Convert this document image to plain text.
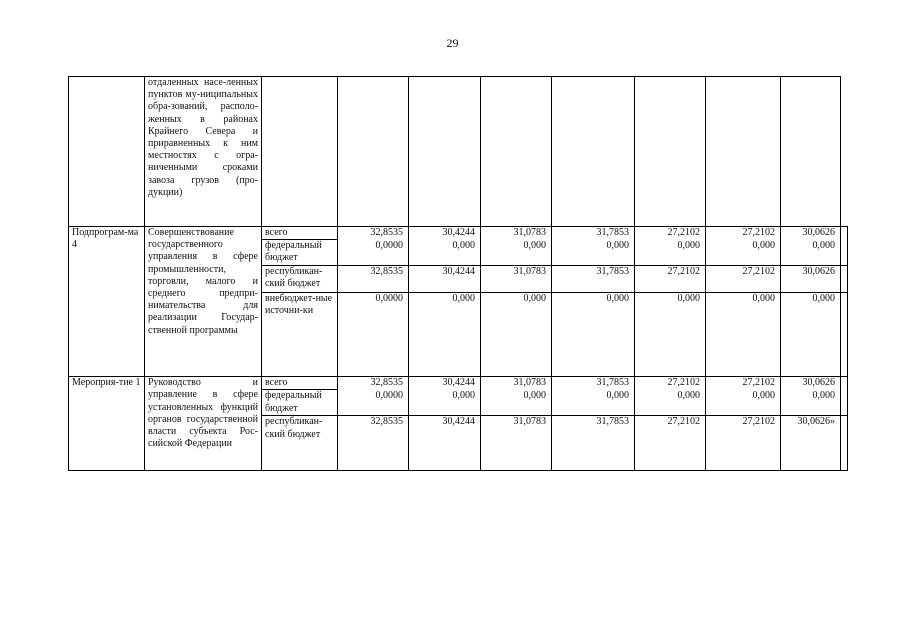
29
	отдаленных насе-ленных пунктов му-ниципальных обра-зований, располо-женных в районах Крайнего Севера и приравненных к ним местностях с огра-ниченными сроками завоза грузов (про-дукции)									
Подпрограм-ма 4	Совершенствование государственного управления в сфере промышленности, торговли, малого и среднего предпри-нимательства для реализации Государ-ственной программы	всего	32,8535	30,4244	31,0783	31,7853	27,2102	27,2102	30,0626	
		федеральный бюджет	0,0000	0,000	0,000	0,000	0,000	0,000	0,000	
		республикан-ский бюджет	32,8535	30,4244	31,0783	31,7853	27,2102	27,2102	30,0626	
		внебюджет-ные источни-ки	0,0000	0,000	0,000	0,000	0,000	0,000	0,000	
Мероприя-тие 1	Руководство и управление в сфере установленных функций органов государственной власти субъекта Рос-сийской Федерации	всего	32,8535	30,4244	31,0783	31,7853	27,2102	27,2102	30,0626	
		федеральный бюджет	0,0000	0,000	0,000	0,000	0,000	0,000	0,000	
		республикан-ский бюджет	32,8535	30,4244	31,0783	31,7853	27,2102	27,2102	30,0626»	
